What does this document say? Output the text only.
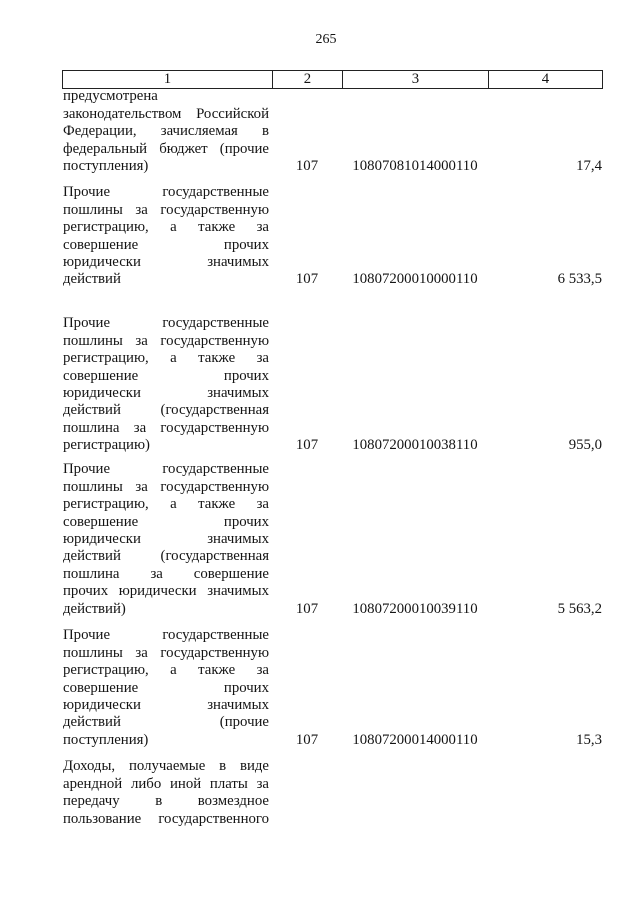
265
1	2	3	4
предусмотрена
законодательством Российской
Федерации, зачисляемая в
федеральный бюджет (прочие
поступления)	107	10807081014000110	17,4
Прочие государственные
пошлины за государственную
регистрацию, а также за
совершение прочих
юридически значимых
действий	107	10807200010000110	6 533,5
Прочие государственные
пошлины за государственную
регистрацию, а также за
совершение прочих
юридически значимых
действий (государственная
пошлина за государственную
регистрацию)	107	10807200010038110	955,0
Прочие государственные
пошлины за государственную
регистрацию, а также за
совершение прочих
юридически значимых
действий (государственная
пошлина за совершение
прочих юридически значимых
действий)	107	10807200010039110	5 563,2
Прочие государственные
пошлины за государственную
регистрацию, а также за
совершение прочих
юридически значимых
действий (прочие
поступления)	107	10807200014000110	15,3
Доходы, получаемые в виде
арендной либо иной платы за
передачу в возмездное
пользование государственного
